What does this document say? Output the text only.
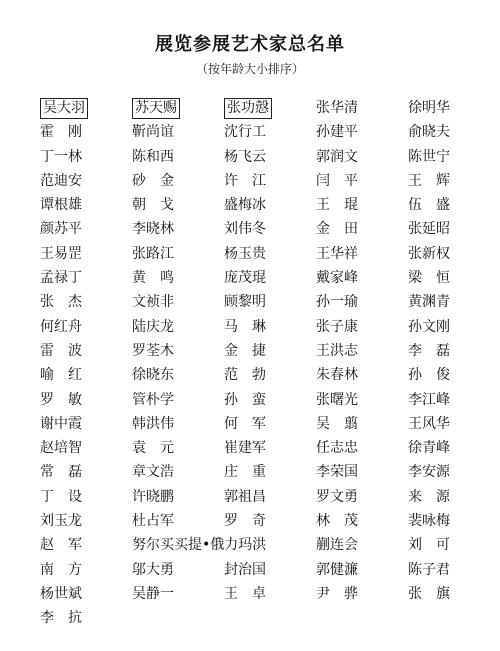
展览参展艺术家总名单
（按年龄大小排序）
吴大羽	苏天赐	张功慤	张华清	徐明华
霍　刚	靳尚谊	沈行工	孙建平	俞晓夫
丁一林	陈和西	杨飞云	郭润文	陈世宁
范迪安	砂　金	许　江	闫　平	王　辉
谭根雄	朝　戈	盛梅冰	王　琨	伍　盛
颜苏平	李晓林	刘伟冬	金　田	张延昭
王易罡	张路江	杨玉贵	王华祥	张新权
孟禄丁	黄　鸣	庞茂琨	戴家峰	梁　恒
张　杰	文祯非	顾黎明	孙一瑜	黄渊青
何红舟	陆庆龙	马　琳	张子康	孙文刚
雷　波	罗荃木	金　捷	王洪志	李　磊
喻　红	徐晓东	范　勃	朱春林	孙　俊
罗　敏	管朴学	孙　蛮	张曙光	李江峰
谢中霞	韩洪伟	何　军	吴　翦	王风华
赵培智	袁　元	崔建军	任志忠	徐青峰
常　磊	章文浩	庄　重	李荣国	李安源
丁　设	许晓鹏	郭祖昌	罗文勇	来　源
刘玉龙	杜占军	罗　奇	林　茂	裴咏梅
赵　军	努尔买买提•俄力玛洪	蒯连会	刘　可
南　方	邬大勇	封治国	郭健濂	陈子君
杨世斌	吴静一	王　卓	尹　骅	张　旗
李　抗
